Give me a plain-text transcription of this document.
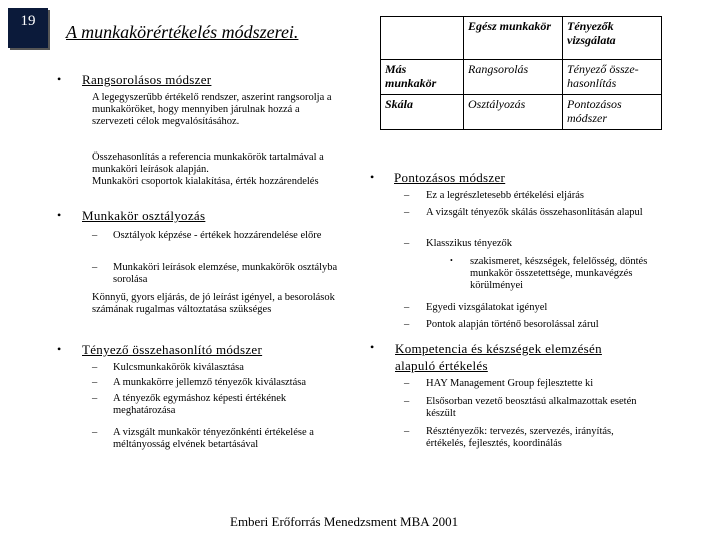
19
A munkakörértékelés módszerei.
		Egész munkakör	Tényezők vizsgálata
Más munkakör	Rangsorolás	Tényező össze-hasonlítás
Skála	Osztályozás	Pontozásos módszer
• Rangsorolásos módszer
A legegyszerűbb értékelő rendszer, aszerint rangsorolja a munkaköröket, hogy mennyiben járulnak hozzá a szervezeti célok megvalósításához.
Összehasonlítás a referencia munkakörök tartalmával a munkaköri leírások alapján.
Munkaköri csoportok kialakítása, érték hozzárendelés
• Munkakör osztályozás
– Osztályok képzése - értékek hozzárendelése előre
– Munkaköri leírások elemzése, munkakörök osztályba sorolása
Könnyű, gyors eljárás, de jó leírást igényel, a besorolások számának rugalmas változtatása szükséges
• Tényező összehasonlító módszer
– Kulcsmunkakörök kiválasztása
– A munkakörre jellemző tényezők kiválasztása
– A tényezők egymáshoz képesti értékének meghatározása
– A vizsgált munkakör tényezőnkénti értékelése a méltányosság elvének betartásával
• Pontozásos módszer
– Ez a legrészletesebb értékelési eljárás
– A vizsgált tényezők skálás összehasonlításán alapul
– Klasszikus tényezők
• szakismeret, készségek, felelősség, döntés munkakör összetettsége, munkavégzés körülményei
– Egyedi vizsgálatokat igényel
– Pontok alapján történő besorolással zárul
• Kompetencia és készségek elemzésén alapuló értékelés
– HAY Management Group fejlesztette ki
– Elsősorban vezető beosztású alkalmazottak esetén készült
– Résztényezők: tervezés, szervezés, irányítás, értékelés, fejlesztés, koordinálás
Emberi Erőforrás Menedzsment MBA 2001
